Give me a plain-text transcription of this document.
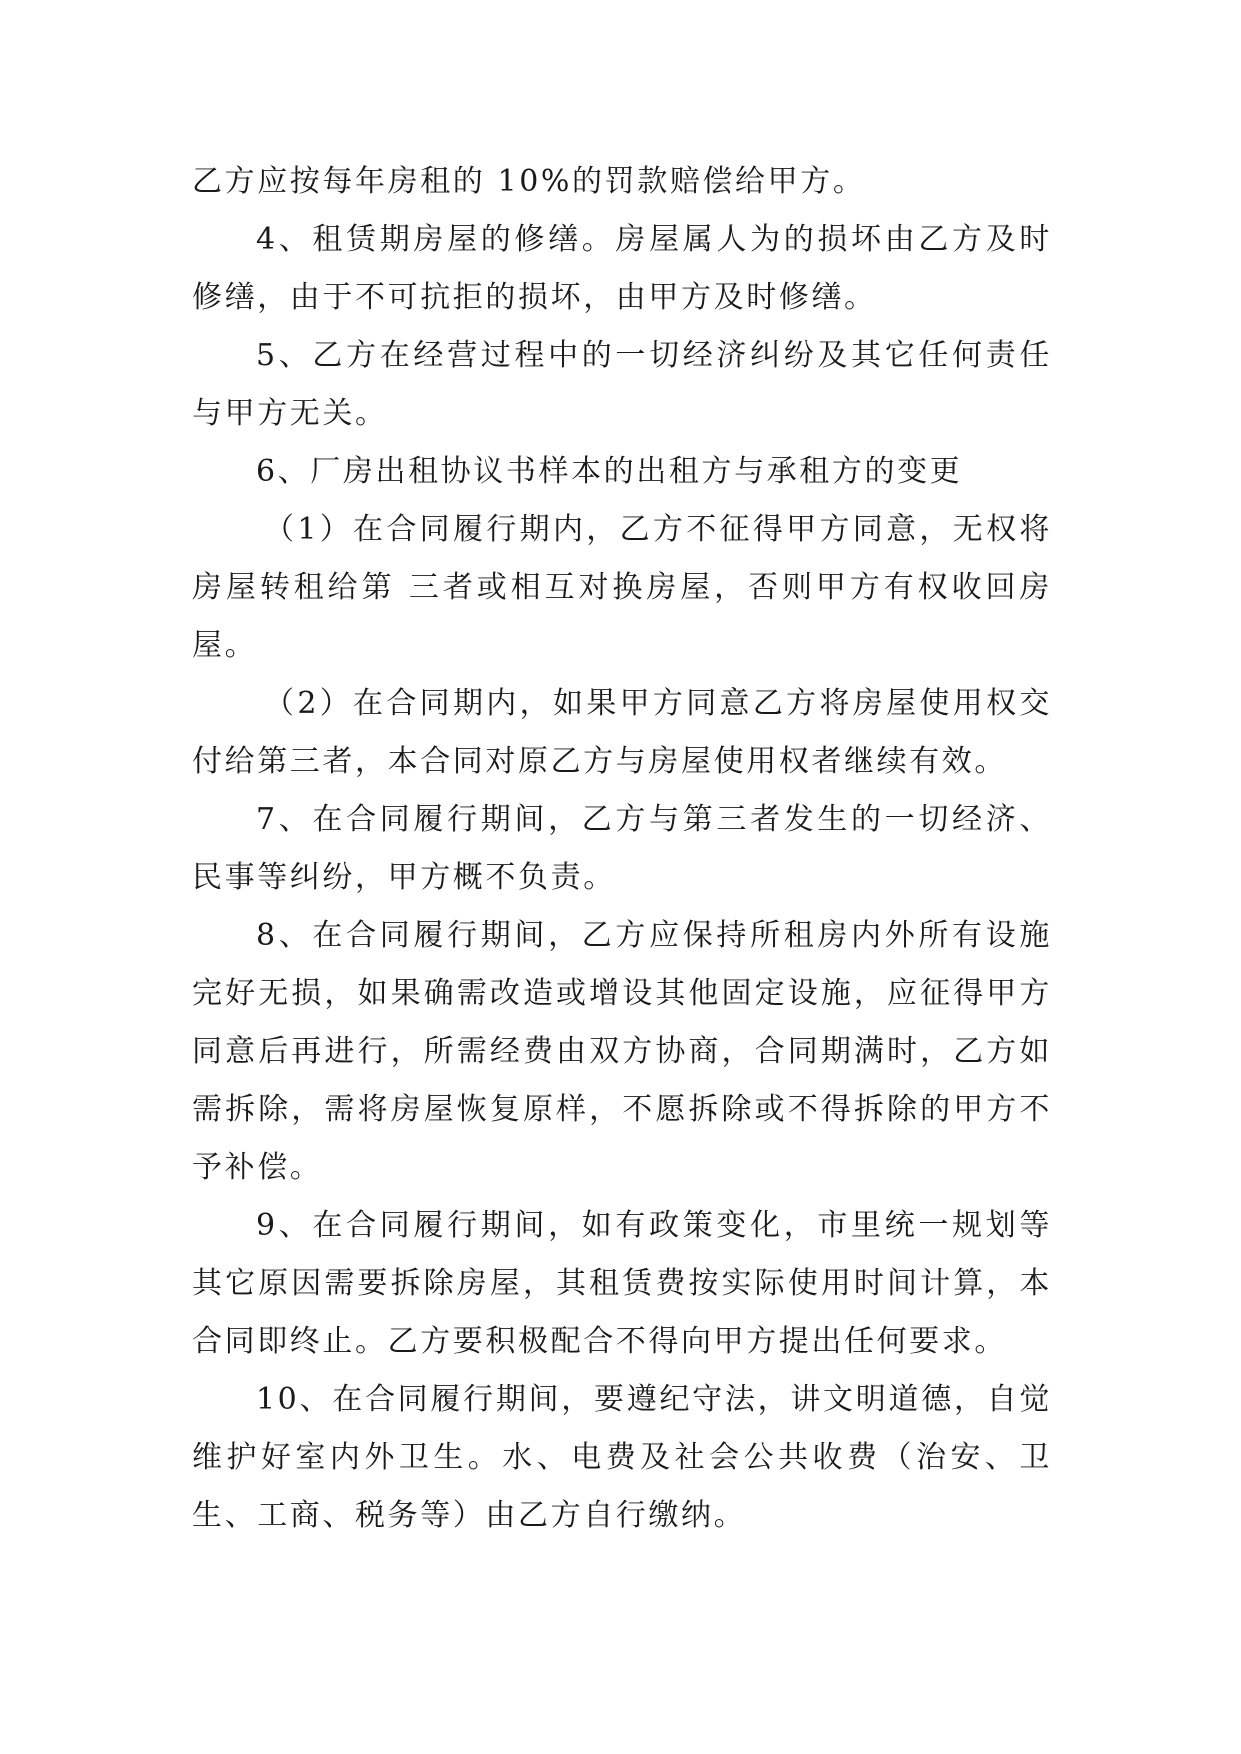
乙方应按每年房租的 10%的罚款赔偿给甲方。

4、租赁期房屋的修缮。房屋属人为的损坏由乙方及时修缮，由于不可抗拒的损坏，由甲方及时修缮。

5、乙方在经营过程中的一切经济纠纷及其它任何责任与甲方无关。

6、厂房出租协议书样本的出租方与承租方的变更

（1）在合同履行期内，乙方不征得甲方同意，无权将房屋转租给第 三者或相互对换房屋，否则甲方有权收回房屋。

（2）在合同期内，如果甲方同意乙方将房屋使用权交付给第三者，本合同对原乙方与房屋使用权者继续有效。

7、在合同履行期间，乙方与第三者发生的一切经济、民事等纠纷，甲方概不负责。

8、在合同履行期间，乙方应保持所租房内外所有设施完好无损，如果确需改造或增设其他固定设施，应征得甲方同意后再进行，所需经费由双方协商，合同期满时，乙方如需拆除，需将房屋恢复原样，不愿拆除或不得拆除的甲方不予补偿。

9、在合同履行期间，如有政策变化，市里统一规划等其它原因需要拆除房屋，其租赁费按实际使用时间计算，本合同即终止。乙方要积极配合不得向甲方提出任何要求。

10、在合同履行期间，要遵纪守法，讲文明道德，自觉维护好室内外卫生。水、电费及社会公共收费（治安、卫生、工商、税务等）由乙方自行缴纳。
